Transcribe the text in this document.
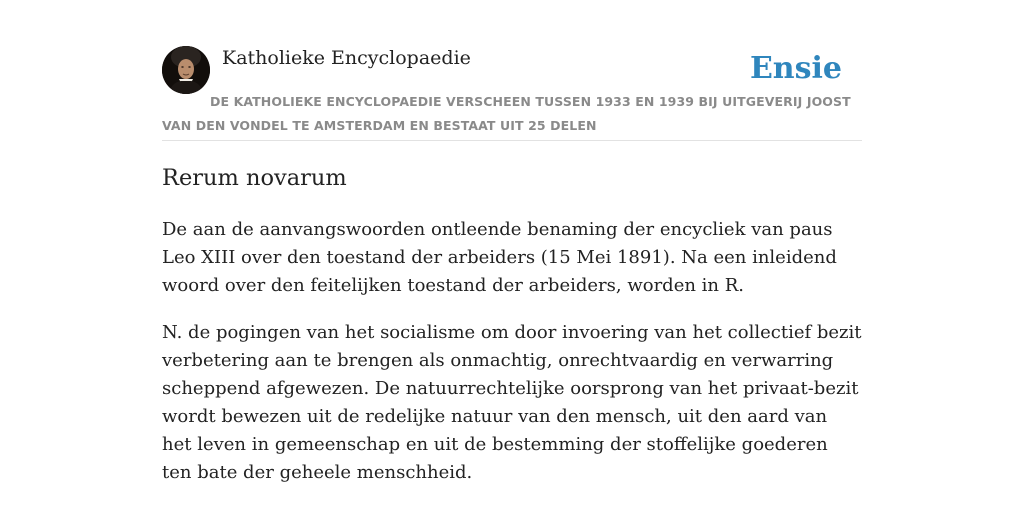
Katholieke Encyclopaedie	Ensie
DE KATHOLIEKE ENCYCLOPAEDIE VERSCHEEN TUSSEN 1933 EN 1939 BIJ UITGEVERIJ JOOST VAN DEN VONDEL TE AMSTERDAM EN BESTAAT UIT 25 DELEN
Rerum novarum

De aan de aanvangswoorden ontleende benaming der encycliek van paus Leo XIII over den toestand der arbeiders (15 Mei 1891). Na een inleidend woord over den feitelijken toestand der arbeiders, worden in R.

N. de pogingen van het socialisme om door invoering van het collectief bezit verbetering aan te brengen als onmachtig, onrechtvaardig en verwarring scheppend afgewezen. De natuurrechtelijke oorsprong van het privaat-bezit wordt bewezen uit de redelijke natuur van den mensch, uit den aard van het leven in gemeenschap en uit de bestemming der stoffelijke goederen ten bate der geheele menschheid.
